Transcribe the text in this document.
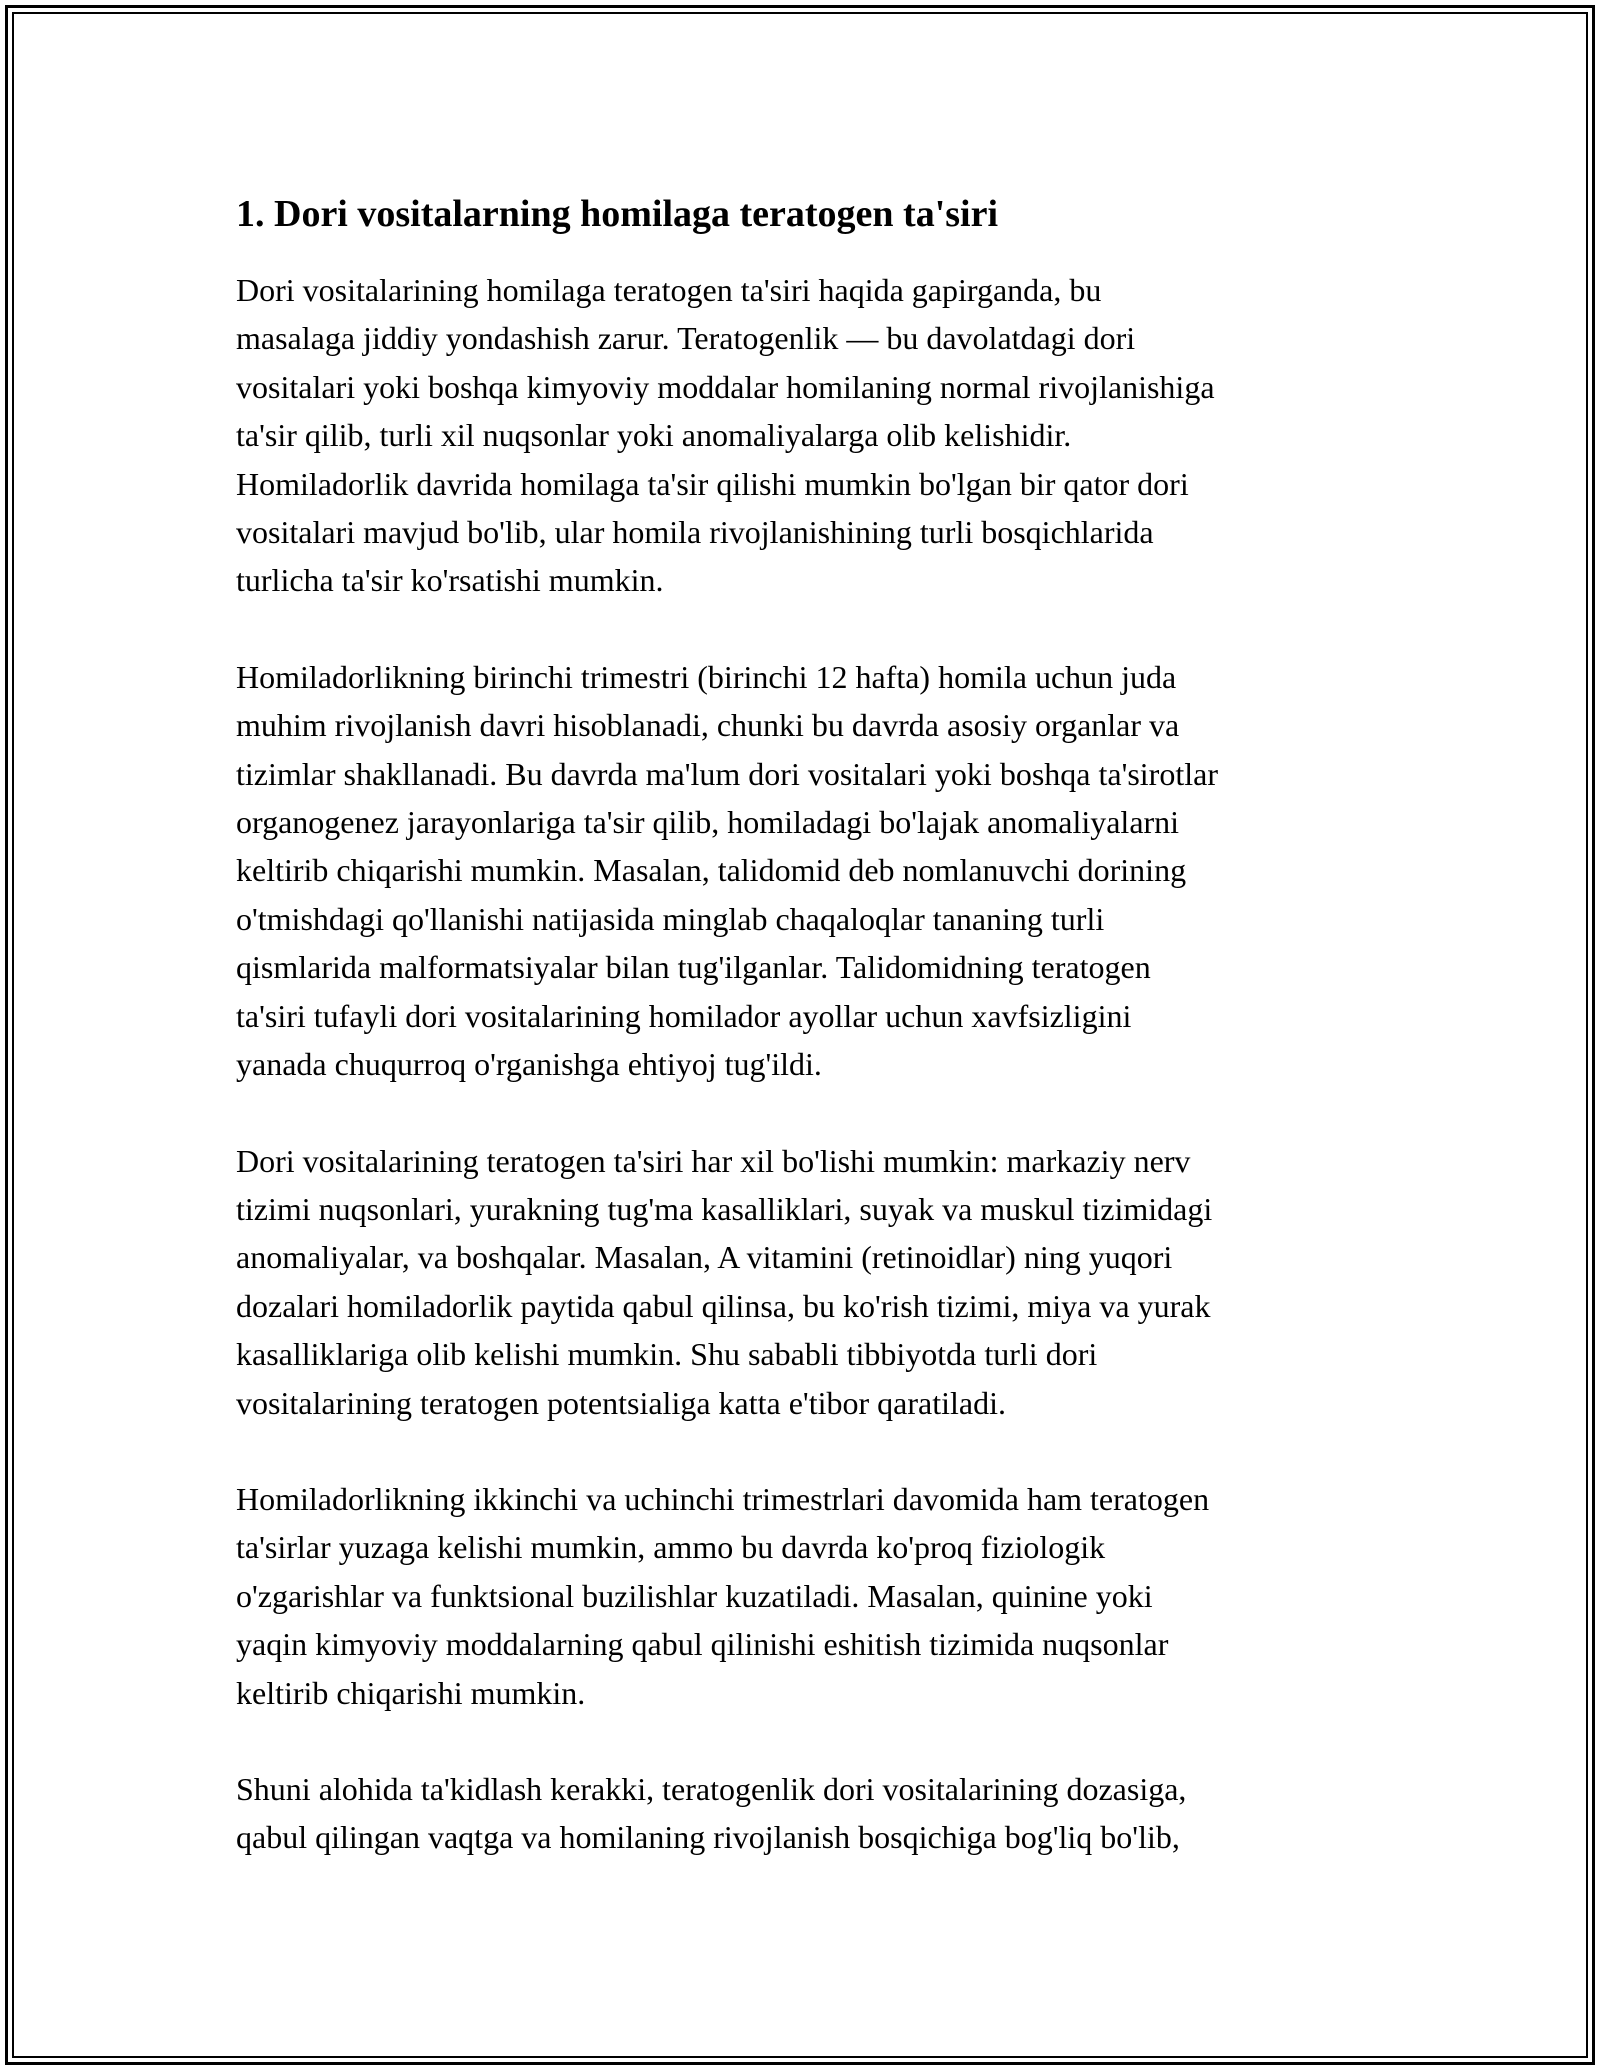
1. Dori vositalarning homilaga teratogen ta'siri

Dori vositalarining homilaga teratogen ta'siri haqida gapirganda, bu
masalaga jiddiy yondashish zarur. Teratogenlik — bu davolatdagi dori
vositalari yoki boshqa kimyoviy moddalar homilaning normal rivojlanishiga
ta'sir qilib, turli xil nuqsonlar yoki anomaliyalarga olib kelishidir.
Homiladorlik davrida homilaga ta'sir qilishi mumkin bo'lgan bir qator dori
vositalari mavjud bo'lib, ular homila rivojlanishining turli bosqichlarida
turlicha ta'sir ko'rsatishi mumkin.

Homiladorlikning birinchi trimestri (birinchi 12 hafta) homila uchun juda
muhim rivojlanish davri hisoblanadi, chunki bu davrda asosiy organlar va
tizimlar shakllanadi. Bu davrda ma'lum dori vositalari yoki boshqa ta'sirotlar
organogenez jarayonlariga ta'sir qilib, homiladagi bo'lajak anomaliyalarni
keltirib chiqarishi mumkin. Masalan, talidomid deb nomlanuvchi dorining
o'tmishdagi qo'llanishi natijasida minglab chaqaloqlar tananing turli
qismlarida malformatsiyalar bilan tug'ilganlar. Talidomidning teratogen
ta'siri tufayli dori vositalarining homilador ayollar uchun xavfsizligini
yanada chuqurroq o'rganishga ehtiyoj tug'ildi.

Dori vositalarining teratogen ta'siri har xil bo'lishi mumkin: markaziy nerv
tizimi nuqsonlari, yurakning tug'ma kasalliklari, suyak va muskul tizimidagi
anomaliyalar, va boshqalar. Masalan, A vitamini (retinoidlar) ning yuqori
dozalari homiladorlik paytida qabul qilinsa, bu ko'rish tizimi, miya va yurak
kasalliklariga olib kelishi mumkin. Shu sababli tibbiyotda turli dori
vositalarining teratogen potentsialiga katta e'tibor qaratiladi.

Homiladorlikning ikkinchi va uchinchi trimestrlari davomida ham teratogen
ta'sirlar yuzaga kelishi mumkin, ammo bu davrda ko'proq fiziologik
o'zgarishlar va funktsional buzilishlar kuzatiladi. Masalan, quinine yoki
yaqin kimyoviy moddalarning qabul qilinishi eshitish tizimida nuqsonlar
keltirib chiqarishi mumkin.

Shuni alohida ta'kidlash kerakki, teratogenlik dori vositalarining dozasiga,
qabul qilingan vaqtga va homilaning rivojlanish bosqichiga bog'liq bo'lib,
